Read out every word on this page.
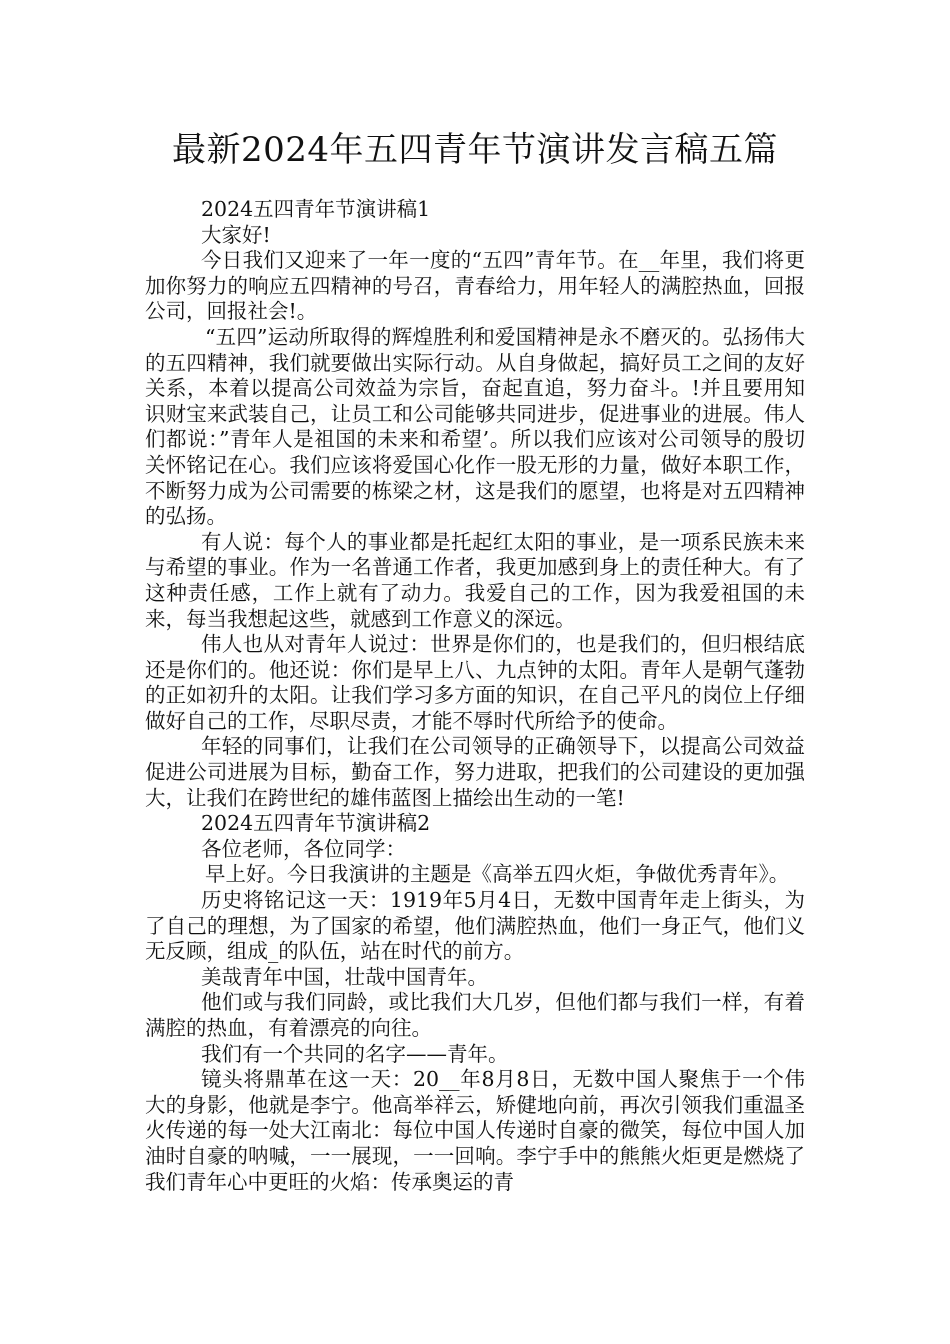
最新2024年五四青年节演讲发言稿五篇

2024五四青年节演讲稿1

大家好!

今日我们又迎来了一年一度的“五四”青年节。在__年里，我们将更加你努力的响应五四精神的号召，青春给力，用年轻人的满腔热血，回报公司，回报社会!。

“五四”运动所取得的辉煌胜利和爱国精神是永不磨灭的。弘扬伟大的五四精神，我们就要做出实际行动。从自身做起，搞好员工之间的友好关系，本着以提高公司效益为宗旨，奋起直追，努力奋斗。!并且要用知识财宝来武装自己，让员工和公司能够共同进步，促进事业的进展。伟人们都说：”青年人是祖国的未来和希望’。所以我们应该对公司领导的殷切关怀铭记在心。我们应该将爱国心化作一股无形的力量，做好本职工作，不断努力成为公司需要的栋梁之材，这是我们的愿望，也将是对五四精神的弘扬。

有人说：每个人的事业都是托起红太阳的事业，是一项系民族未来与希望的事业。作为一名普通工作者，我更加感到身上的责任种大。有了这种责任感，工作上就有了动力。我爱自己的工作，因为我爱祖国的未来，每当我想起这些，就感到工作意义的深远。

伟人也从对青年人说过：世界是你们的，也是我们的，但归根结底还是你们的。他还说：你们是早上八、九点钟的太阳。青年人是朝气蓬勃的正如初升的太阳。让我们学习多方面的知识，在自己平凡的岗位上仔细做好自己的工作，尽职尽责，才能不辱时代所给予的使命。

年轻的同事们，让我们在公司领导的正确领导下，以提高公司效益促进公司进展为目标，勤奋工作，努力进取，把我们的公司建设的更加强大，让我们在跨世纪的雄伟蓝图上描绘出生动的一笔!

2024五四青年节演讲稿2

各位老师，各位同学：

早上好。今日我演讲的主题是《高举五四火炬，争做优秀青年》。

历史将铭记这一天：1919年5月4日，无数中国青年走上街头，为了自己的理想，为了国家的希望，他们满腔热血，他们一身正气，他们义无反顾，组成_的队伍，站在时代的前方。

美哉青年中国，壮哉中国青年。

他们或与我们同龄，或比我们大几岁，但他们都与我们一样，有着满腔的热血，有着漂亮的向往。

我们有一个共同的名字——青年。

镜头将鼎革在这一天：20__年8月8日，无数中国人聚焦于一个伟大的身影，他就是李宁。他高举祥云，矫健地向前，再次引领我们重温圣火传递的每一处大江南北：每位中国人传递时自豪的微笑，每位中国人加油时自豪的呐喊，一一展现，一一回响。李宁手中的熊熊火炬更是燃烧了我们青年心中更旺的火焰：传承奥运的青
